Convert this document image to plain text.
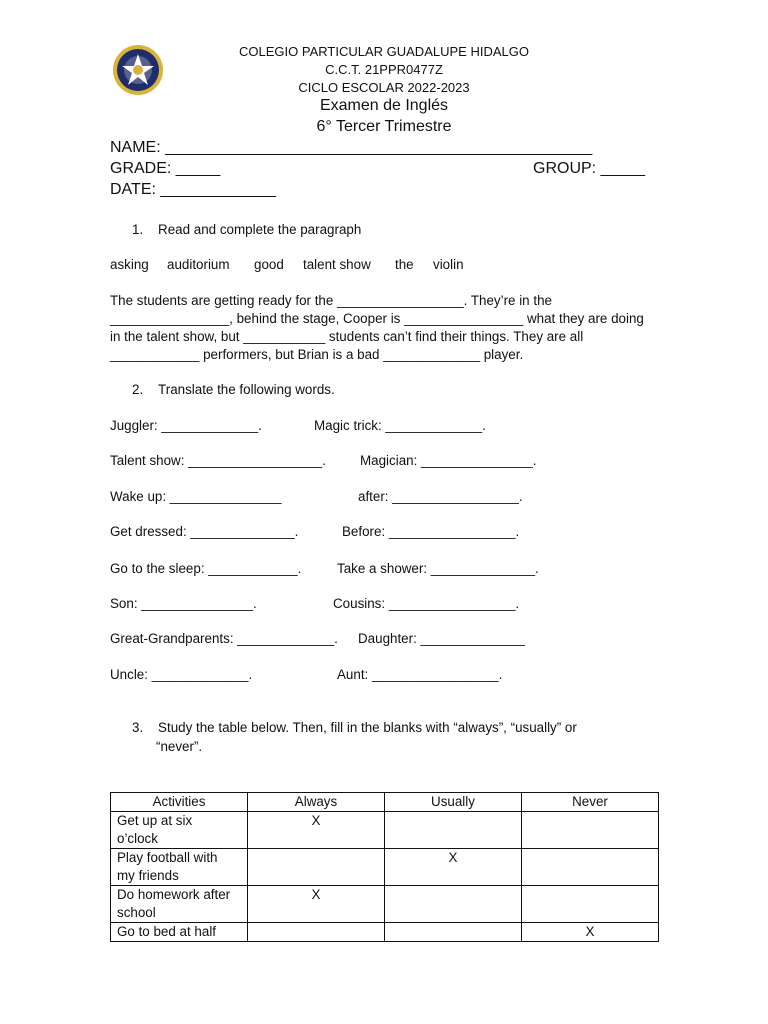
COLEGIO PARTICULAR GUADALUPE HIDALGO
C.C.T. 21PPR0477Z
CICLO ESCOLAR 2022-2023
Examen de Inglés
6° Tercer Trimestre
NAME: ________________________________________________
GRADE: _____	GROUP: _____
DATE: _____________
1.    Read and complete the paragraph
asking auditorium good talent show the violin
The students are getting ready for the _________________. They’re in the
________________, behind the stage, Cooper is ________________ what they are doing
in the talent show, but ___________ students can’t find their things. They are all
____________ performers, but Brian is a bad _____________ player.
2.    Translate the following words.
Juggler: _____________.	Magic trick: _____________.
Talent show: __________________.	Magician: _______________.
Wake up: _______________	after: _________________.
Get dressed: ______________.	Before: _________________.
Go to the sleep: ____________.	Take a shower: ______________.
Son: _______________.	Cousins: _________________.
Great-Grandparents: _____________. Daughter: ______________
Uncle: _____________.	Aunt: _________________.
3.    Study the table below. Then, fill in the blanks with “always”, “usually” or
“never”.
Activities	Always	Usually	Never
Get up at six
o’clock	X		
Play football with
my friends		X	
Do homework after
school	X		
Go to bed at half			X
